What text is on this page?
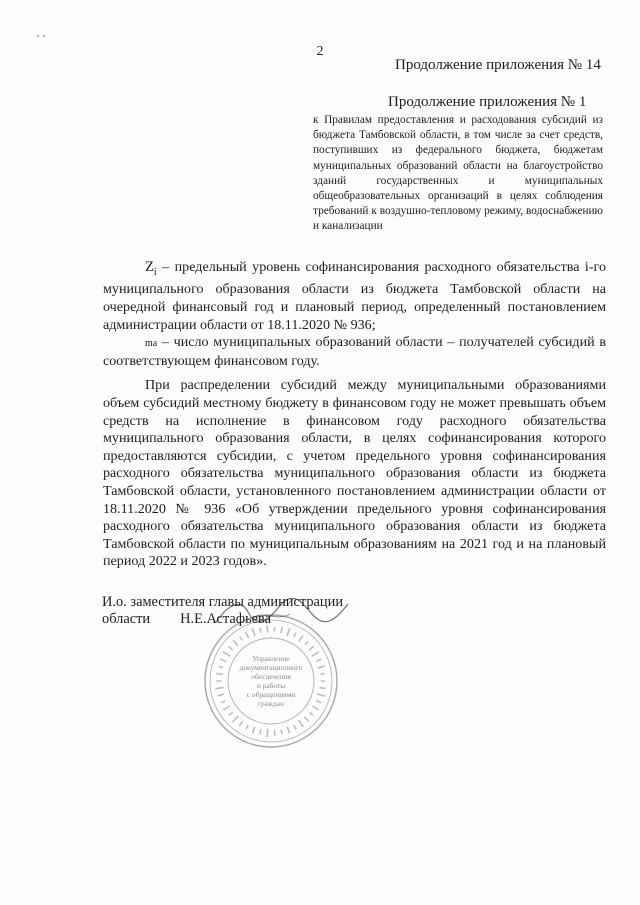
2
Продолжение приложения № 14
Продолжение приложения № 1
к Правилам предоставления и расходования субсидий из бюджета Тамбовской области, в том числе за счет средств, поступивших из федерального бюджета, бюджетам муниципальных образований области на благоустройство зданий государственных и муниципальных общеобразовательных организаций в целях соблюдения требований к воздушно-тепловому режиму, водоснабжению и канализации

$Z_i$ – предельный уровень софинансирования расходного обязательства i-го муниципального образования области из бюджета Тамбовской области на очередной финансовый год и плановый период, определенный постановлением администрации области от 18.11.2020 № 936;

ma – число муниципальных образований области – получателей субсидий в соответствующем финансовом году.

При распределении субсидий между муниципальными образованиями объем субсидий местному бюджету в финансовом году не может превышать объем средств на исполнение в финансовом году расходного обязательства муниципального образования области, в целях софинансирования которого предоставляются субсидии, с учетом предельного уровня софинансирования расходного обязательства муниципального образования области из бюджета Тамбовской области, установленного постановлением администрации области от 18.11.2020 № 936 «Об утверждении предельного уровня софинансирования расходного обязательства муниципального образования области из бюджета Тамбовской области по муниципальным образованиям на 2021 год и на плановый период 2022 и 2023 годов».

Управление
документационного
обеспечения
и работы
с обращениями
граждан
И.о. заместителя главы администрации
области Н.Е.Астафьева
